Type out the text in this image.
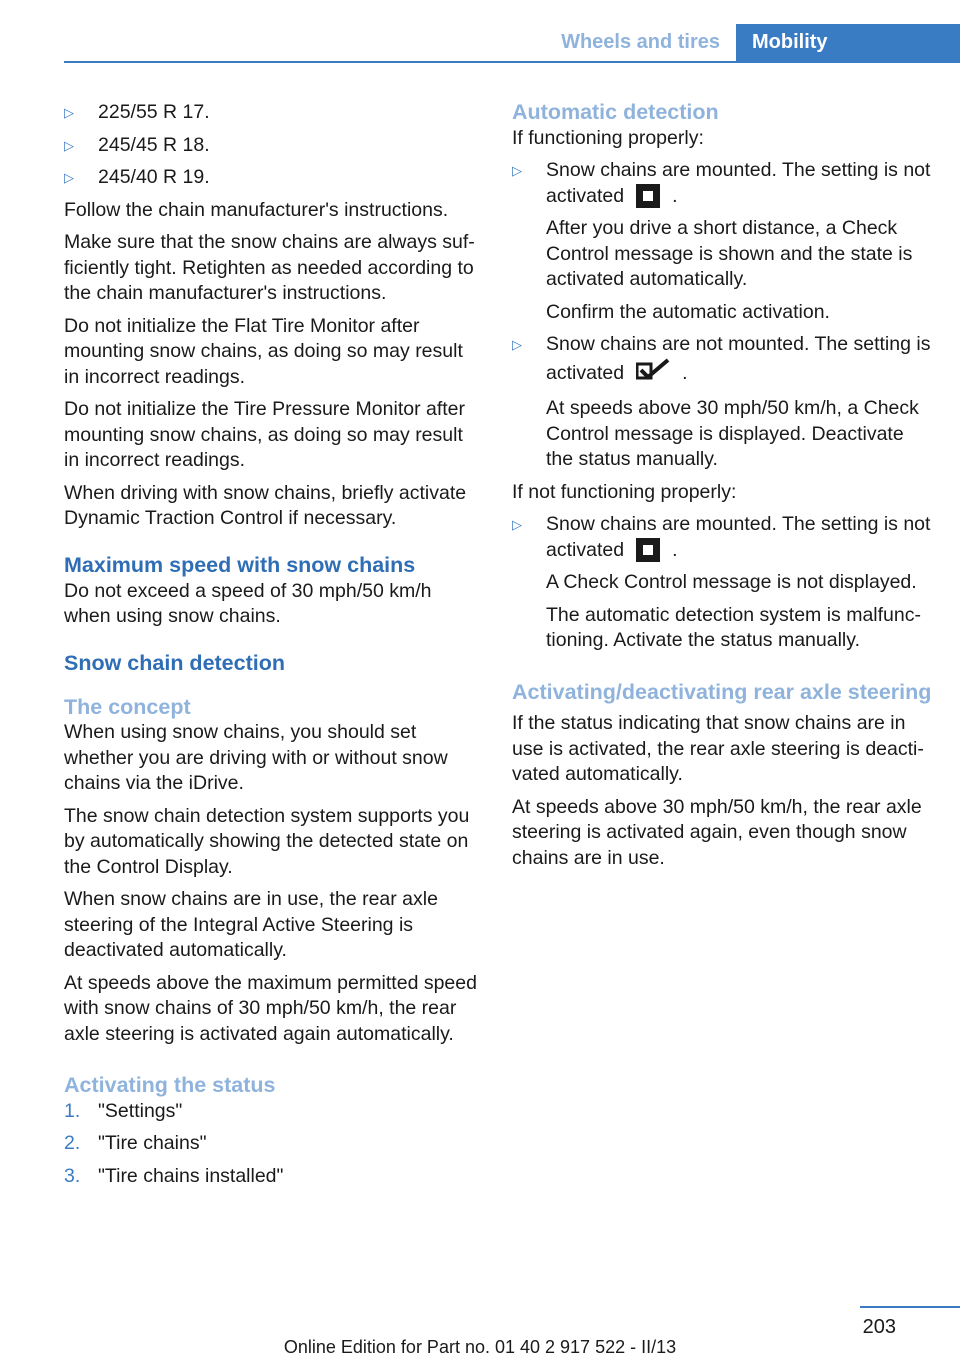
Wheels and tires	Mobility
▷	225/55 R 17.
▷	245/45 R 18.
▷	245/40 R 19.

Follow the chain manufacturer's instructions.

Make sure that the snow chains are always sufficiently tight. Retighten as needed according to the chain manufacturer's instructions.

Do not initialize the Flat Tire Monitor after mounting snow chains, as doing so may result in incorrect readings.

Do not initialize the Tire Pressure Monitor after mounting snow chains, as doing so may result in incorrect readings.

When driving with snow chains, briefly activate Dynamic Traction Control if necessary.

Maximum speed with snow chains

Do not exceed a speed of 30 mph/50 km/h when using snow chains.

Snow chain detection
The concept

When using snow chains, you should set whether you are driving with or without snow chains via the iDrive.

The snow chain detection system supports you by automatically showing the detected state on the Control Display.

When snow chains are in use, the rear axle steering of the Integral Active Steering is deactivated automatically.

At speeds above the maximum permitted speed with snow chains of 30 mph/50 km/h, the rear axle steering is activated again automatically.

Activating the status
1. "Settings"
2. "Tire chains"
3. "Tire chains installed"
Automatic detection

If functioning properly:

▷	Snow chains are mounted. The setting is not activated .

After you drive a short distance, a Check Control message is shown and the state is activated automatically.

Confirm the automatic activation.

▷	Snow chains are not mounted. The setting is activated	.

At speeds above 30 mph/50 km/h, a Check Control message is displayed. Deactivate the status manually.

If not functioning properly:

▷	Snow chains are mounted. The setting is not activated .

A Check Control message is not displayed.

The automatic detection system is malfunctioning. Activate the status manually.

Activating/deactivating rear axle steering

If the status indicating that snow chains are in use is activated, the rear axle steering is deactivated automatically.

At speeds above 30 mph/50 km/h, the rear axle steering is activated again, even though snow chains are in use.

203
Online Edition for Part no. 01 40 2 917 522 - II/13
